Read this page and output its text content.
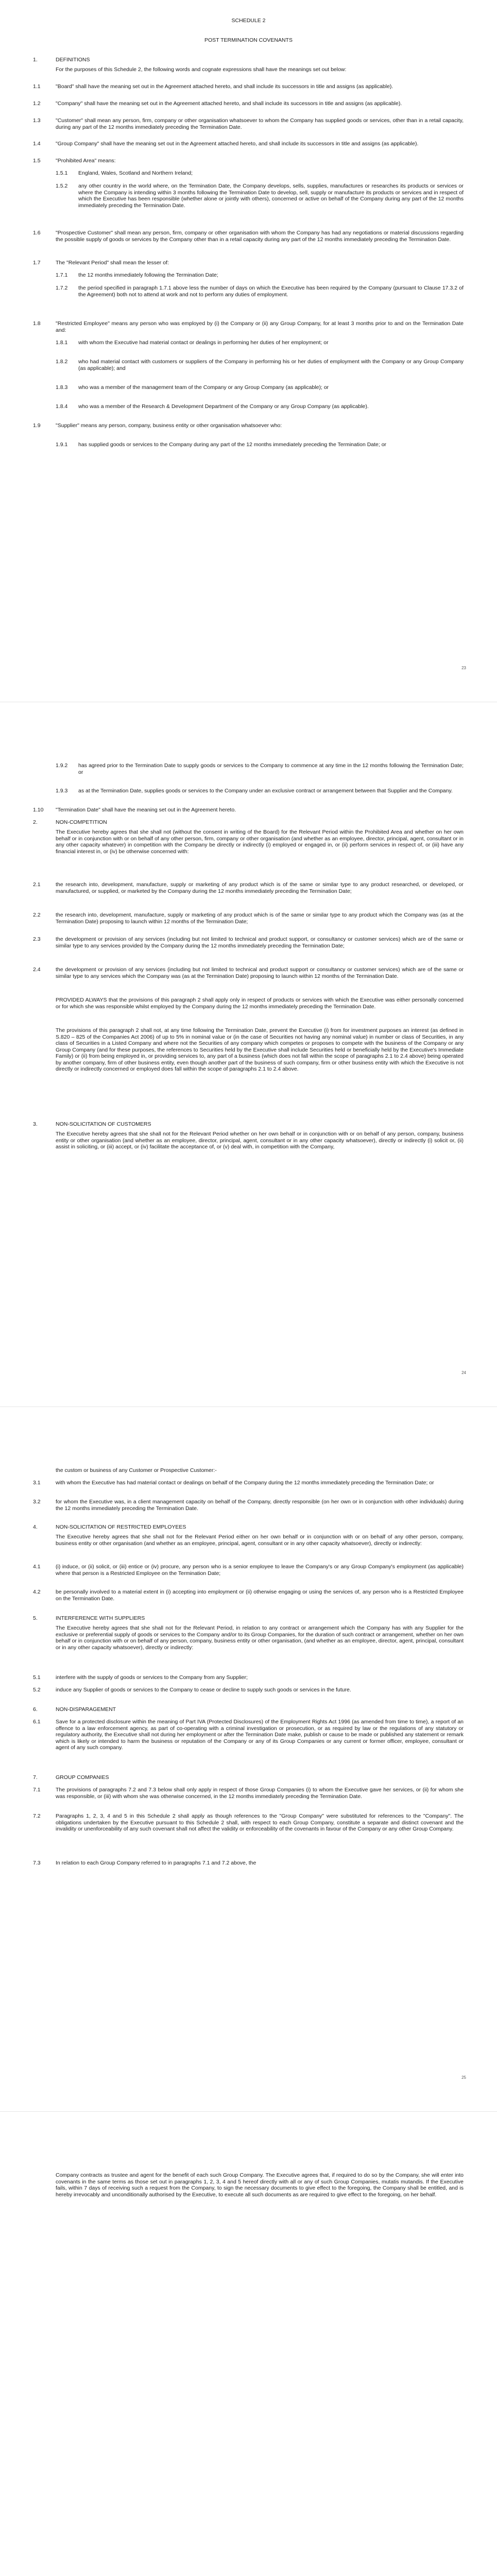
SCHEDULE 2
POST TERMINATION COVENANTS
1.	DEFINITIONS
For the purposes of this Schedule 2, the following words and cognate expressions shall have the meanings set out below:
1.1	"Board" shall have the meaning set out in the Agreement attached hereto, and shall include its successors in title and assigns (as applicable).
1.2	"Company" shall have the meaning set out in the Agreement attached hereto, and shall include its successors in title and assigns (as applicable).
1.3	"Customer" shall mean any person, firm, company or other organisation whatsoever to whom the Company has supplied goods or services, other than in a retail capacity, during any part of the 12 months immediately preceding the Termination Date.
1.4	"Group Company" shall have the meaning set out in the Agreement attached hereto, and shall include its successors in title and assigns (as applicable).
1.5	"Prohibited Area" means:
1.5.1 England, Wales, Scotland and Northern Ireland;
1.5.2 any other country in the world where, on the Termination Date, the Company develops, sells, supplies, manufactures or researches its products or services or where the Company is intending within 3 months following the Termination Date to develop, sell, supply or manufacture its products or services and in respect of which the Executive has been responsible (whether alone or jointly with others), concerned or active on behalf of the Company during any part of the 12 months immediately preceding the Termination Date.
1.6	"Prospective Customer" shall mean any person, firm, company or other organisation with whom the Company has had any negotiations or material discussions regarding the possible supply of goods or services by the Company other than in a retail capacity during any part of the 12 months immediately preceding the Termination Date.
1.7	The "Relevant Period" shall mean the lesser of:
1.7.1 the 12 months immediately following the Termination Date;
1.7.2 the period specified in paragraph 1.7.1 above less the number of days on which the Executive has been required by the Company (pursuant to Clause 17.3.2 of the Agreement) both not to attend at work and not to perform any duties of employment.
1.8	"Restricted Employee" means any person who was employed by (i) the Company or (ii) any Group Company, for at least 3 months prior to and on the Termination Date and:
1.8.1 with whom the Executive had material contact or dealings in performing her duties of her employment; or
1.8.2 who had material contact with customers or suppliers of the Company in performing his or her duties of employment with the Company or any Group Company (as applicable); and
1.8.3 who was a member of the management team of the Company or any Group Company (as applicable); or
1.8.4 who was a member of the Research & Development Department of the Company or any Group Company (as applicable).
1.9	"Supplier" means any person, company, business entity or other organisation whatsoever who:
1.9.1 has supplied goods or services to the Company during any part of the 12 months immediately preceding the Termination Date; or
23
1.9.2 has agreed prior to the Termination Date to supply goods or services to the Company to commence at any time in the 12 months following the Termination Date; or
1.9.3 as at the Termination Date, supplies goods or services to the Company under an exclusive contract or arrangement between that Supplier and the Company.
1.10 "Termination Date" shall have the meaning set out in the Agreement hereto.
2.	NON-COMPETITION
The Executive hereby agrees that she shall not (without the consent in writing of the Board) for the Relevant Period within the Prohibited Area and whether on her own behalf or in conjunction with or on behalf of any other person, firm, company or other organisation (and whether as an employee, director, principal, agent, consultant or in any other capacity whatever) in competition with the Company be directly or indirectly (i) employed or engaged in, or (ii) perform services in respect of, or (iii) have any financial interest in, or (iv) be otherwise concerned with:
2.1	the research into, development, manufacture, supply or marketing of any product which is of the same or similar type to any product researched, or developed, or manufactured, or supplied, or marketed by the Company during the 12 months immediately preceding the Termination Date;
2.2	the research into, development, manufacture, supply or marketing of any product which is of the same or similar type to any product which the Company was (as at the Termination Date) proposing to launch within 12 months of the Termination Date;
2.3	the development or provision of any services (including but not limited to technical and product support, or consultancy or customer services) which are of the same or similar type to any services provided by the Company during the 12 months immediately preceding the Termination Date;
2.4	the development or provision of any services (including but not limited to technical and product support or consultancy or customer services) which are of the same or similar type to any services which the Company was (as at the Termination Date) proposing to launch within 12 months of the Termination Date.
PROVIDED ALWAYS that the provisions of this paragraph 2 shall apply only in respect of products or services with which the Executive was either personally concerned or for which she was responsible whilst employed by the Company during the 12 months immediately preceding the Termination Date.
The provisions of this paragraph 2 shall not, at any time following the Termination Date, prevent the Executive (i) from for investment purposes an interest (as defined in S.820 – 825 of the Companies Act 2006) of up to 5% in nominal value or (in the case of Securities not having any nominal value) in number or class of Securities, in any class of Securities in a Listed Company and where not the Securities of any company which competes or proposes to compete with the business of the Company or any Group Company (and for these purposes, the references to Securities held by the Executive shall include Securities held or beneficially held by the Executive's Immediate Family) or (ii) from being employed in, or providing services to, any part of a business (which does not fall within the scope of paragraphs 2.1 to 2.4 above) being operated by another company, firm of other business entity, even though another part of the business of such company, firm or other business entity with which the Executive is not directly or indirectly concerned or employed does fall within the scope of paragraphs 2.1 to 2.4 above.
3.	NON-SOLICITATION OF CUSTOMERS
The Executive hereby agrees that she shall not for the Relevant Period whether on her own behalf or in conjunction with or on behalf of any person, company, business entity or other organisation (and whether as an employee, director, principal, agent, consultant or in any other capacity whatsoever), directly or indirectly (i) solicit or, (ii) assist in soliciting, or (iii) accept, or (iv) facilitate the acceptance of, or (v) deal with, in competition with the Company,
24
the custom or business of any Customer or Prospective Customer:-
3.1	with whom the Executive has had material contact or dealings on behalf of the Company during the 12 months immediately preceding the Termination Date; or
3.2	for whom the Executive was, in a client management capacity on behalf of the Company, directly responsible (on her own or in conjunction with other individuals) during the 12 months immediately preceding the Termination Date.
4.	NON-SOLICITATION OF RESTRICTED EMPLOYEES
The Executive hereby agrees that she shall not for the Relevant Period either on her own behalf or in conjunction with or on behalf of any other person, company, business entity or other organisation (and whether as an employee, principal, agent, consultant or in any other capacity whatsoever), directly or indirectly:
4.1	(i) induce, or (ii) solicit, or (iii) entice or (iv) procure, any person who is a senior employee to leave the Company's or any Group Company's employment (as applicable) where that person is a Restricted Employee on the Termination Date;
4.2	be personally involved to a material extent in (i) accepting into employment or (ii) otherwise engaging or using the services of, any person who is a Restricted Employee on the Termination Date.
5.	INTERFERENCE WITH SUPPLIERS
The Executive hereby agrees that she shall not for the Relevant Period, in relation to any contract or arrangement which the Company has with any Supplier for the exclusive or preferential supply of goods or services to the Company and/or to its Group Companies, for the duration of such contract or arrangement, whether on her own behalf or in conjunction with or on behalf of any person, company, business entity or other organisation, (and whether as an employee, director, agent, principal, consultant or in any other capacity whatsoever), directly or indirectly:
5.1	interfere with the supply of goods or services to the Company from any Supplier;
5.2	induce any Supplier of goods or services to the Company to cease or decline to supply such goods or services in the future.
6.	NON-DISPARAGEMENT
6.1	Save for a protected disclosure within the meaning of Part IVA (Protected Disclosures) of the Employment Rights Act 1996 (as amended from time to time), a report of an offence to a law enforcement agency, as part of co-operating with a criminal investigation or prosecution, or as required by law or the regulations of any statutory or regulatory authority, the Executive shall not during her employment or after the Termination Date make, publish or cause to be made or published any statement or remark which is likely or intended to harm the business or reputation of the Company or any of its Group Companies or any current or former officer, employee, consultant or agent of any such company.
7.	GROUP COMPANIES
7.1	The provisions of paragraphs 7.2 and 7.3 below shall only apply in respect of those Group Companies (i) to whom the Executive gave her services, or (ii) for whom she was responsible, or (iii) with whom she was otherwise concerned, in the 12 months immediately preceding the Termination Date.
7.2	Paragraphs 1, 2, 3, 4 and 5 in this Schedule 2 shall apply as though references to the "Group Company" were substituted for references to the "Company". The obligations undertaken by the Executive pursuant to this Schedule 2 shall, with respect to each Group Company, constitute a separate and distinct covenant and the invalidity or unenforceability of any such covenant shall not affect the validity or enforceability of the covenants in favour of the Company or any other Group Company.
7.3	In relation to each Group Company referred to in paragraphs 7.1 and 7.2 above, the
25
Company contracts as trustee and agent for the benefit of each such Group Company. The Executive agrees that, if required to do so by the Company, she will enter into covenants in the same terms as those set out in paragraphs 1, 2, 3, 4 and 5 hereof directly with all or any of such Group Companies, mutatis mutandis. If the Executive fails, within 7 days of receiving such a request from the Company, to sign the necessary documents to give effect to the foregoing, the Company shall be entitled, and is hereby irrevocably and unconditionally authorised by the Executive, to execute all such documents as are required to give effect to the foregoing, on her behalf.
